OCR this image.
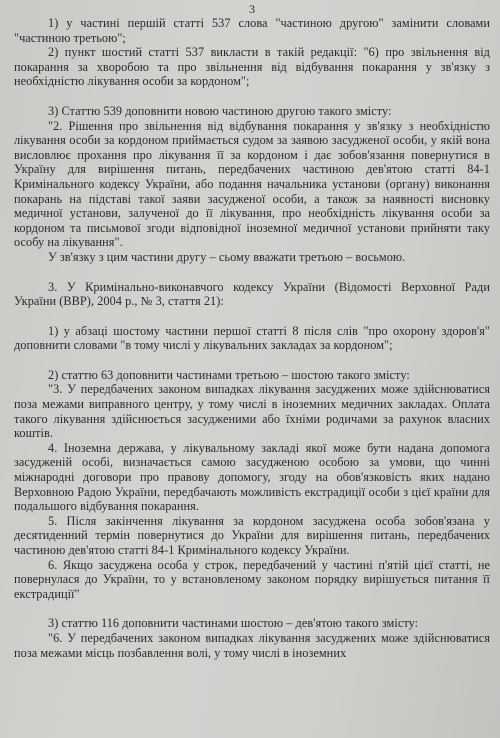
3

1) у частині першій статті 537 слова "частиною другою" замінити словами "частиною третьою";

2) пункт шостий статті 537 викласти в такій редакції: "6) про звільнення від покарання за хворобою та про звільнення від відбування покарання у зв'язку з необхідністю лікування особи за кордоном";

3) Статтю 539 доповнити новою частиною другою такого змісту:

"2. Рішення про звільнення від відбування покарання у зв'язку з необхідністю лікування особи за кордоном приймається судом за заявою засудженої особи, у якій вона висловлює прохання про лікування її за кордоном і дає зобов'язання повернутися в Україну для вирішення питань, передбачених частиною дев'ятою статті 84-1 Кримінального кодексу України, або подання начальника установи (органу) виконання покарань на підставі такої заяви засудженої особи, а також за наявності висновку медичної установи, залученої до її лікування, про необхідність лікування особи за кордоном та письмової згоди відповідної іноземної медичної установи прийняти таку особу на лікування".

У зв'язку з цим частини другу – сьому вважати третьою – восьмою.

3. У Кримінально-виконавчого кодексу України (Відомості Верховної Ради України (ВВР), 2004 р., № 3, стаття 21):

1) у абзаці шостому частини першої статті 8 після слів "про охорону здоров'я" доповнити словами "в тому числі у лікувальних закладах за кордоном";

2) статтю 63 доповнити частинами третьою – шостою такого змісту:

"3. У передбачених законом випадках лікування засуджених може здійснюватися поза межами виправного центру, у тому числі в іноземних медичних закладах. Оплата такого лікування здійснюється засудженими або їхніми родичами за рахунок власних коштів.

4. Іноземна держава, у лікувальному закладі якої може бути надана допомога засудженій особі, визначається самою засудженою особою за умови, що чинні міжнародні договори про правову допомогу, згоду на обов'язковість яких надано Верховною Радою України, передбачають можливість екстрадиції особи з цієї країни для подальшого відбування покарання.

5. Після закінчення лікування за кордоном засуджена особа зобов'язана у десятиденний термін повернутися до України для вирішення питань, передбачених частиною дев'ятою статті 84-1 Кримінального кодексу України.

6. Якщо засуджена особа у строк, передбачений у частині п'ятій цієї статті, не повернулася до України, то у встановленому законом порядку вирішується питання її екстрадиції"

3) статтю 116 доповнити частинами шостою – дев'ятою такого змісту:

"6. У передбачених законом випадках лікування засуджених може здійснюватися поза межами місць позбавлення волі, у тому числі в іноземних
